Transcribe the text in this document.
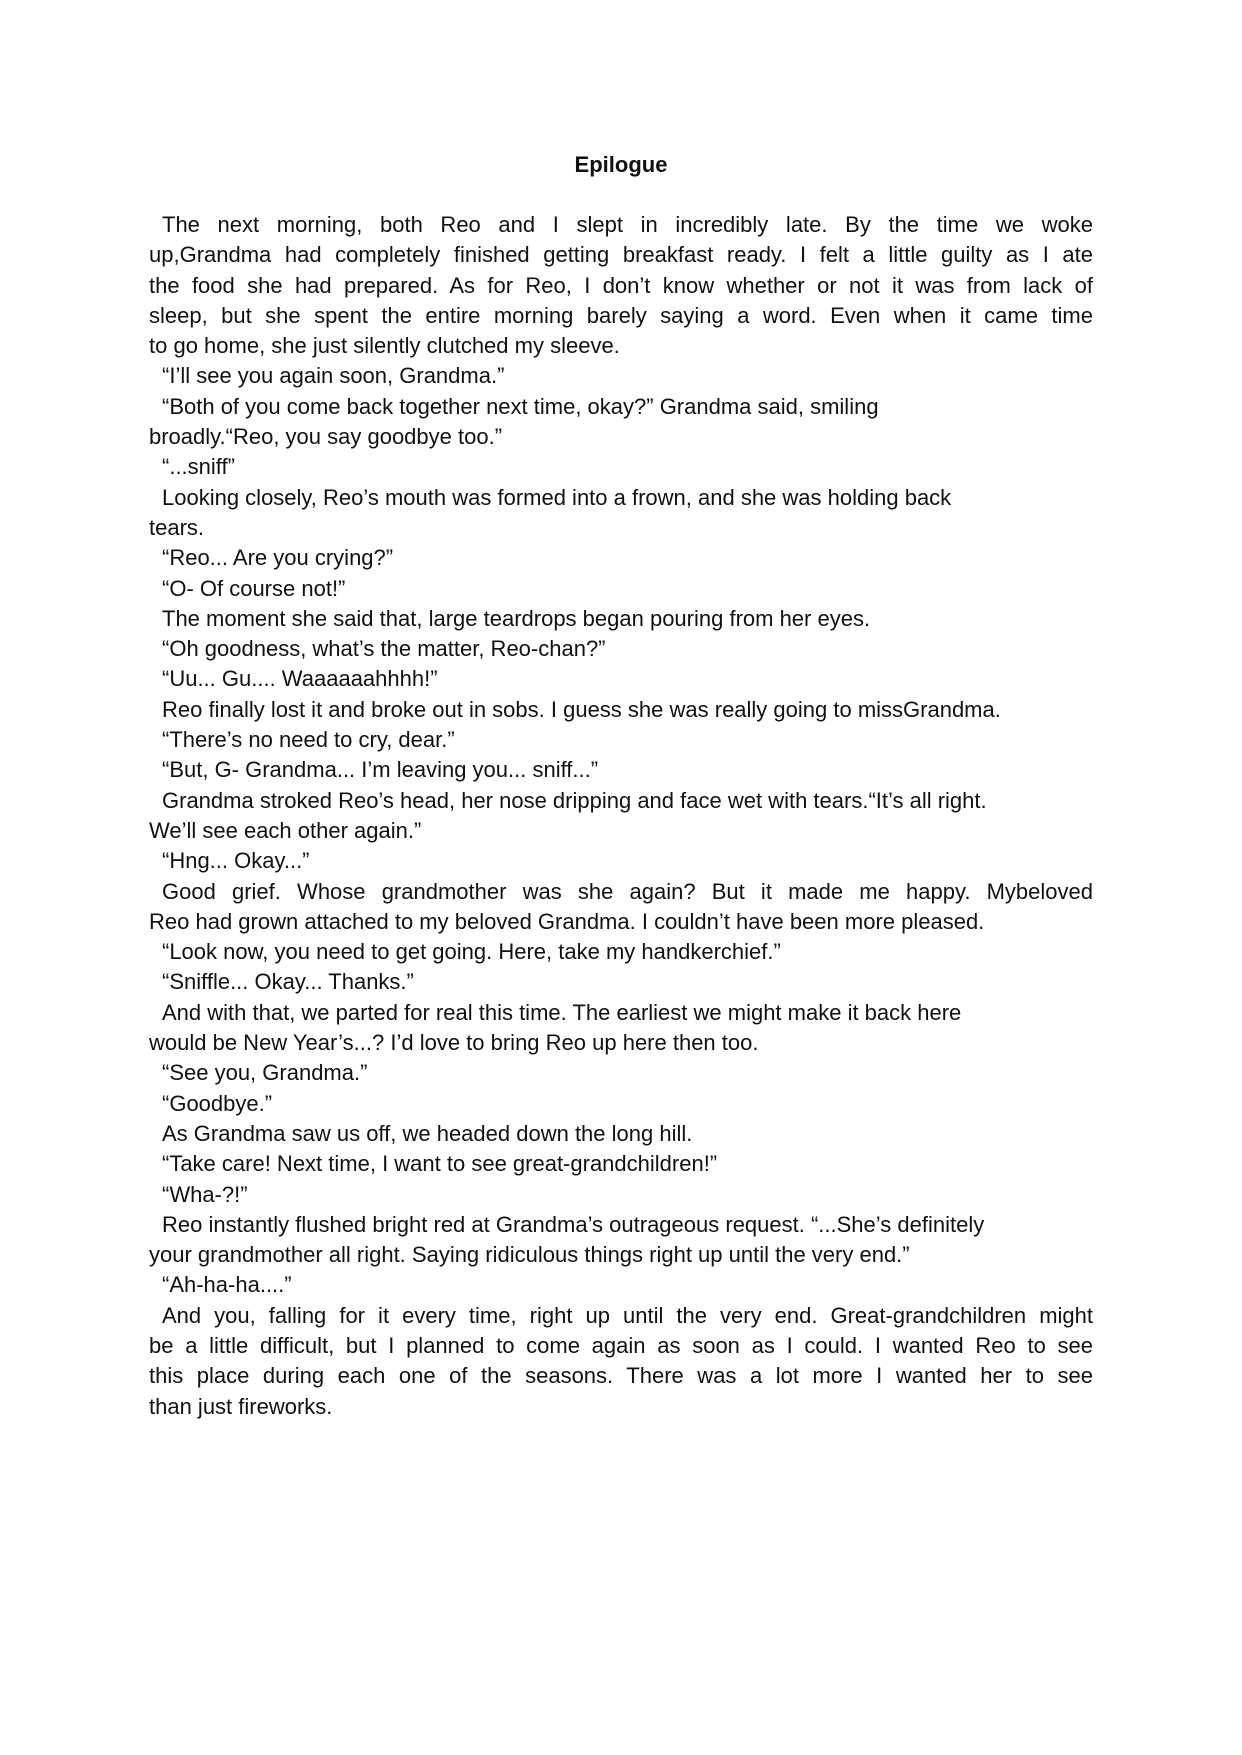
Epilogue
The next morning, both Reo and I slept in incredibly late. By the time we woke
up,Grandma had completely finished getting breakfast ready. I felt a little guilty as I ate
the food she had prepared. As for Reo, I don’t know whether or not it was from lack of
sleep, but she spent the entire morning barely saying a word. Even when it came time
to go home, she just silently clutched my sleeve.
“I’ll see you again soon, Grandma.”
“Both of you come back together next time, okay?” Grandma said, smiling
broadly.“Reo, you say goodbye too.”
“...sniff”
Looking closely, Reo’s mouth was formed into a frown, and she was holding back
tears.
“Reo... Are you crying?”
“O- Of course not!”
The moment she said that, large teardrops began pouring from her eyes.
“Oh goodness, what’s the matter, Reo-chan?”
“Uu... Gu.... Waaaaaahhhh!”
Reo finally lost it and broke out in sobs. I guess she was really going to missGrandma.
“There’s no need to cry, dear.”
“But, G- Grandma... I’m leaving you... sniff...”
Grandma stroked Reo’s head, her nose dripping and face wet with tears.“It’s all right.
We’ll see each other again.”
“Hng... Okay...”
Good grief. Whose grandmother was she again? But it made me happy. Mybeloved
Reo had grown attached to my beloved Grandma. I couldn’t have been more pleased.
“Look now, you need to get going. Here, take my handkerchief.”
“Sniffle... Okay... Thanks.”
And with that, we parted for real this time. The earliest we might make it back here
would be New Year’s...? I’d love to bring Reo up here then too.
“See you, Grandma.”
“Goodbye.”
As Grandma saw us off, we headed down the long hill.
“Take care! Next time, I want to see great-grandchildren!”
“Wha-?!”
Reo instantly flushed bright red at Grandma’s outrageous request. “...She’s definitely
your grandmother all right. Saying ridiculous things right up until the very end.”
“Ah-ha-ha....”
And you, falling for it every time, right up until the very end. Great-grandchildren might
be a little difficult, but I planned to come again as soon as I could. I wanted Reo to see
this place during each one of the seasons. There was a lot more I wanted her to see
than just fireworks.
